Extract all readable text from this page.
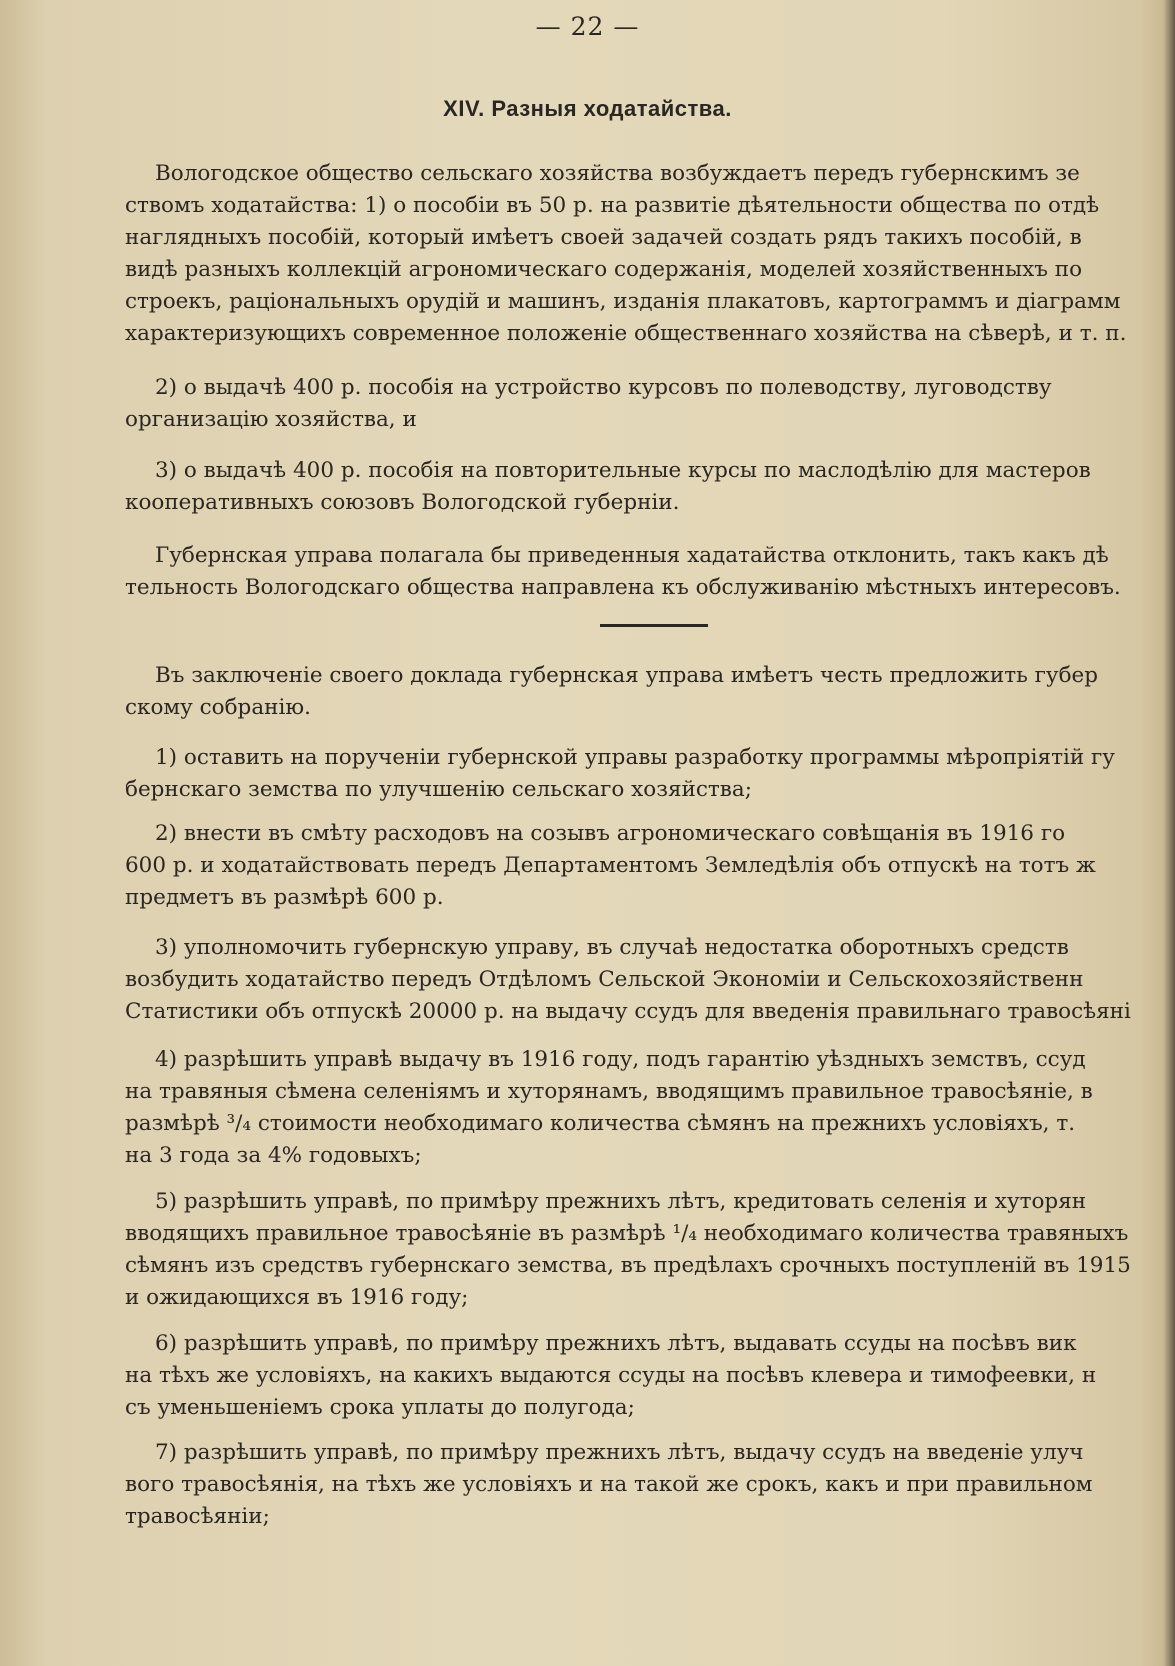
— 22 —
XIV. Разныя ходатайства.
Вологодское общество сельскаго хозяйства возбуждаетъ передъ губернскимъ зе
ствомъ ходатайства: 1) о пособіи въ 50 р. на развитіе дѣятельности общества по отдѣ
наглядныхъ пособій, который имѣетъ своей задачей создать рядъ такихъ пособій, в
видѣ разныхъ коллекцій агрономическаго содержанія, моделей хозяйственныхъ по
строекъ, раціональныхъ орудій и машинъ, изданія плакатовъ, картограммъ и діаграмм
характеризующихъ современное положеніе общественнаго хозяйства на сѣверѣ, и т. п.
2) о выдачѣ 400 р. пособія на устройство курсовъ по полеводству, луговодству
организацію хозяйства, и
3) о выдачѣ 400 р. пособія на повторительные курсы по маслодѣлію для мастеров
кооперативныхъ союзовъ Вологодской губерніи.
Губернская управа полагала бы приведенныя хадатайства отклонить, такъ какъ дѣ
тельность Вологодскаго общества направлена къ обслуживанію мѣстныхъ интересовъ.
Въ заключеніе своего доклада губернская управа имѣетъ честь предложить губер
скому собранію.
1) оставить на порученіи губернской управы разработку программы мѣропріятій гу
бернскаго земства по улучшенію сельскаго хозяйства;
2) внести въ смѣту расходовъ на созывъ агрономическаго совѣщанія въ 1916 го
600 р. и ходатайствовать передъ Департаментомъ Земледѣлія объ отпускѣ на тотъ ж
предметъ въ размѣрѣ 600 р.
3) уполномочить губернскую управу, въ случаѣ недостатка оборотныхъ средств
возбудить ходатайство передъ Отдѣломъ Сельской Экономіи и Сельскохозяйственн
Статистики объ отпускѣ 20000 р. на выдачу ссудъ для введенія правильнаго травосѣяні
4) разрѣшить управѣ выдачу въ 1916 году, подъ гарантію уѣздныхъ земствъ, ссуд
на травяныя сѣмена селеніямъ и хуторянамъ, вводящимъ правильное травосѣяніе, в
размѣрѣ ³/₄ стоимости необходимаго количества сѣмянъ на прежнихъ условіяхъ, т.
на 3 года за 4% годовыхъ;
5) разрѣшить управѣ, по примѣру прежнихъ лѣтъ, кредитовать селенія и хуторян
вводящихъ правильное травосѣяніе въ размѣрѣ ¹/₄ необходимаго количества травяныхъ
сѣмянъ изъ средствъ губернскаго земства, въ предѣлахъ срочныхъ поступленій въ 1915
и ожидающихся въ 1916 году;
6) разрѣшить управѣ, по примѣру прежнихъ лѣтъ, выдавать ссуды на посѣвъ вик
на тѣхъ же условіяхъ, на какихъ выдаются ссуды на посѣвъ клевера и тимофеевки, н
съ уменьшеніемъ срока уплаты до полугода;
7) разрѣшить управѣ, по примѣру прежнихъ лѣтъ, выдачу ссудъ на введеніе улуч
вого травосѣянія, на тѣхъ же условіяхъ и на такой же срокъ, какъ и при правильном
травосѣяніи;
